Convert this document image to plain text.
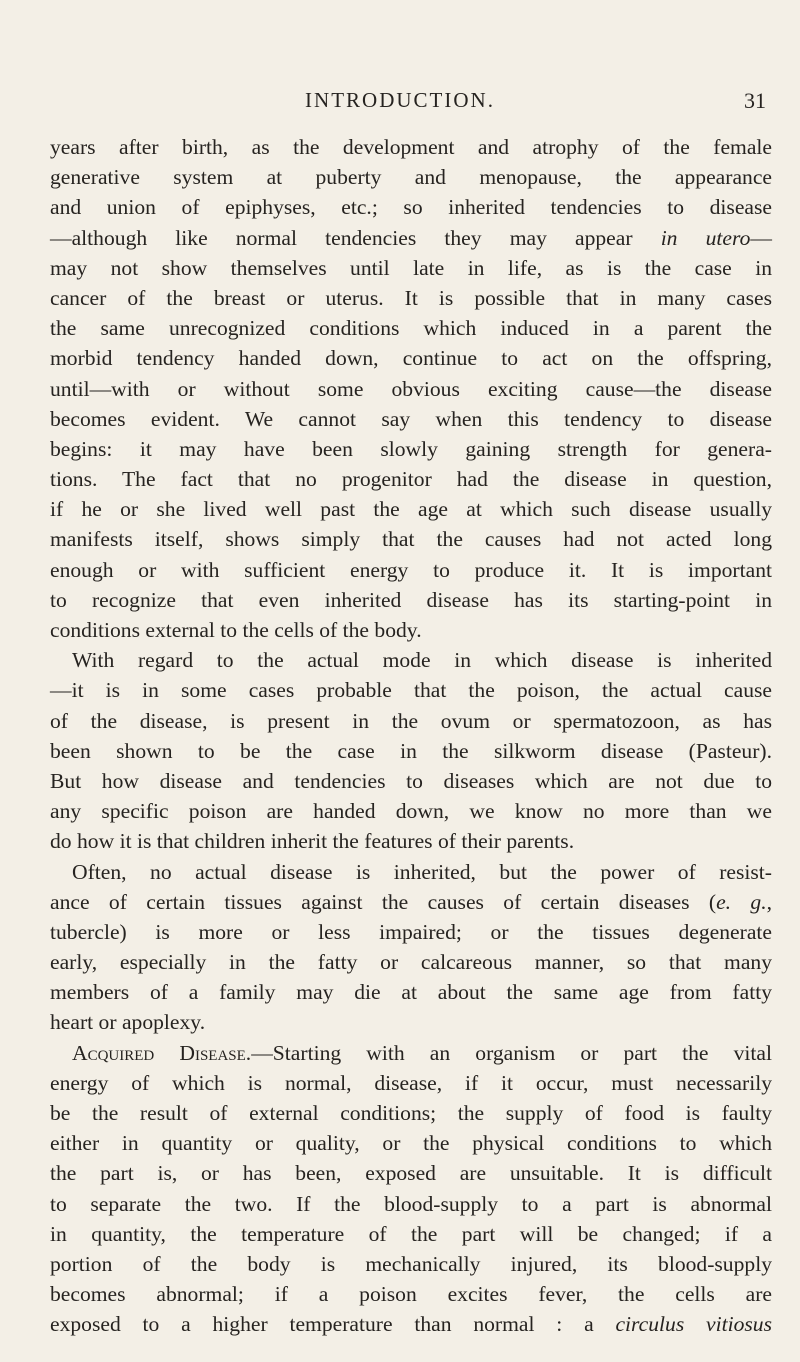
INTRODUCTION.	31
years after birth, as the development and atrophy of the female
generative system at puberty and menopause, the appearance
and union of epiphyses, etc.; so inherited tendencies to disease
—although like normal tendencies they may appear in utero—
may not show themselves until late in life, as is the case in
cancer of the breast or uterus. It is possible that in many cases
the same unrecognized conditions which induced in a parent the
morbid tendency handed down, continue to act on the offspring,
until—with or without some obvious exciting cause—the disease
becomes evident. We cannot say when this tendency to disease
begins: it may have been slowly gaining strength for genera-
tions. The fact that no progenitor had the disease in question,
if he or she lived well past the age at which such disease usually
manifests itself, shows simply that the causes had not acted long
enough or with sufficient energy to produce it. It is important
to recognize that even inherited disease has its starting-point in
conditions external to the cells of the body.
With regard to the actual mode in which disease is inherited
—it is in some cases probable that the poison, the actual cause
of the disease, is present in the ovum or spermatozoon, as has
been shown to be the case in the silkworm disease (Pasteur).
But how disease and tendencies to diseases which are not due to
any specific poison are handed down, we know no more than we
do how it is that children inherit the features of their parents.
Often, no actual disease is inherited, but the power of resist-
ance of certain tissues against the causes of certain diseases (e. g.,
tubercle) is more or less impaired; or the tissues degenerate
early, especially in the fatty or calcareous manner, so that many
members of a family may die at about the same age from fatty
heart or apoplexy.
Acquired Disease.—Starting with an organism or part the vital
energy of which is normal, disease, if it occur, must necessarily
be the result of external conditions; the supply of food is faulty
either in quantity or quality, or the physical conditions to which
the part is, or has been, exposed are unsuitable. It is difficult
to separate the two. If the blood-supply to a part is abnormal
in quantity, the temperature of the part will be changed; if a
portion of the body is mechanically injured, its blood-supply
becomes abnormal; if a poison excites fever, the cells are
exposed to a higher temperature than normal : a circulus vitiosus
